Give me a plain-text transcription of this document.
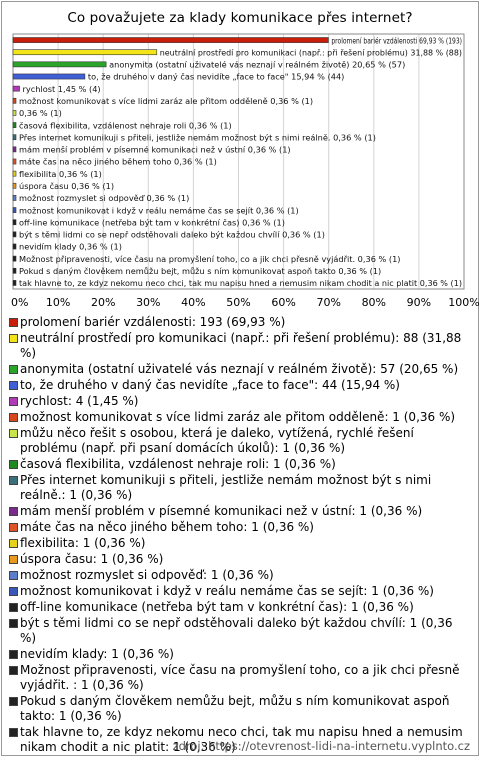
Co považujete za klady komunikace přes internet?
prolomení bariér vzdálenosti 69,93 % (193)
neutrální prostředí pro komunikaci (např.: při řešení problému) 31,88 % (88)
anonymita (ostatní uživatelé vás neznají v reálném životě) 20,65 % (57)
to, že druhého v daný čas nevidíte „face to face" 15,94 % (44)
rychlost 1,45 % (4)
možnost komunikovat s více lidmi zaráz ale přitom odděleně 0,36 % (1)
0,36 % (1)
časová flexibilita, vzdálenost nehraje roli 0,36 % (1)
Přes internet komunikuji s přiteli, jestliže nemám možnost být s nimi reálně. 0,36 % (1)
mám menší problém v písemné komunikaci než v ústní 0,36 % (1)
máte čas na něco jiného během toho 0,36 % (1)
flexibilita 0,36 % (1)
úspora času 0,36 % (1)
možnost rozmyslet si odpověď 0,36 % (1)
možnost komunikovat i když v reálu nemáme čas se sejít 0,36 % (1)
off-line komunikace (netřeba být tam v konkrétní čas) 0,36 % (1)
být s těmi lidmi co se nepř odstěhovali daleko být každou chvílí 0,36 % (1)
nevidím klady 0,36 % (1)
Možnost připravenosti, více času na promyšlení toho, co a jik chci přesně vyjádřit. 0,36 % (1)
Pokud s daným člověkem nemůžu bejt, můžu s ním komunikovat aspoň takto 0,36 % (1)
tak hlavne to, ze kdyz nekomu neco chci, tak mu napisu hned a nemusim nikam chodit a nic platit 0,36 % (1)
0% 10% 20% 30% 40% 50% 60% 70% 80% 90% 100%
prolomení bariér vzdálenosti: 193 (69,93 %)
neutrální prostředí pro komunikaci (např.: při řešení problému): 88 (31,88 %)
anonymita (ostatní uživatelé vás neznají v reálném životě): 57 (20,65 %)
to, že druhého v daný čas nevidíte „face to face": 44 (15,94 %)
rychlost: 4 (1,45 %)
možnost komunikovat s více lidmi zaráz ale přitom odděleně: 1 (0,36 %)
můžu něco řešit s osobou, která je daleko, vytížená, rychlé řešení problému (např. při psaní domácích úkolů): 1 (0,36 %)
časová flexibilita, vzdálenost nehraje roli: 1 (0,36 %)
Přes internet komunikuji s přiteli, jestliže nemám možnost být s nimi reálně.: 1 (0,36 %)
mám menší problém v písemné komunikaci než v ústní: 1 (0,36 %)
máte čas na něco jiného během toho: 1 (0,36 %)
flexibilita: 1 (0,36 %)
úspora času: 1 (0,36 %)
možnost rozmyslet si odpověď: 1 (0,36 %)
možnost komunikovat i když v reálu nemáme čas se sejít: 1 (0,36 %)
off-line komunikace (netřeba být tam v konkrétní čas): 1 (0,36 %)
být s těmi lidmi co se nepř odstěhovali daleko být každou chvílí: 1 (0,36 %)
nevidím klady: 1 (0,36 %)
Možnost připravenosti, více času na promyšlení toho, co a jik chci přesně vyjádřit. : 1 (0,36 %)
Pokud s daným člověkem nemůžu bejt, můžu s ním komunikovat aspoň takto: 1 (0,36 %)
tak hlavne to, ze kdyz nekomu neco chci, tak mu napisu hned a nemusim nikam chodit a nic platit: 1 (0,36 %)
zdroj: https://otevrenost-lidi-na-internetu.vyplnto.cz
